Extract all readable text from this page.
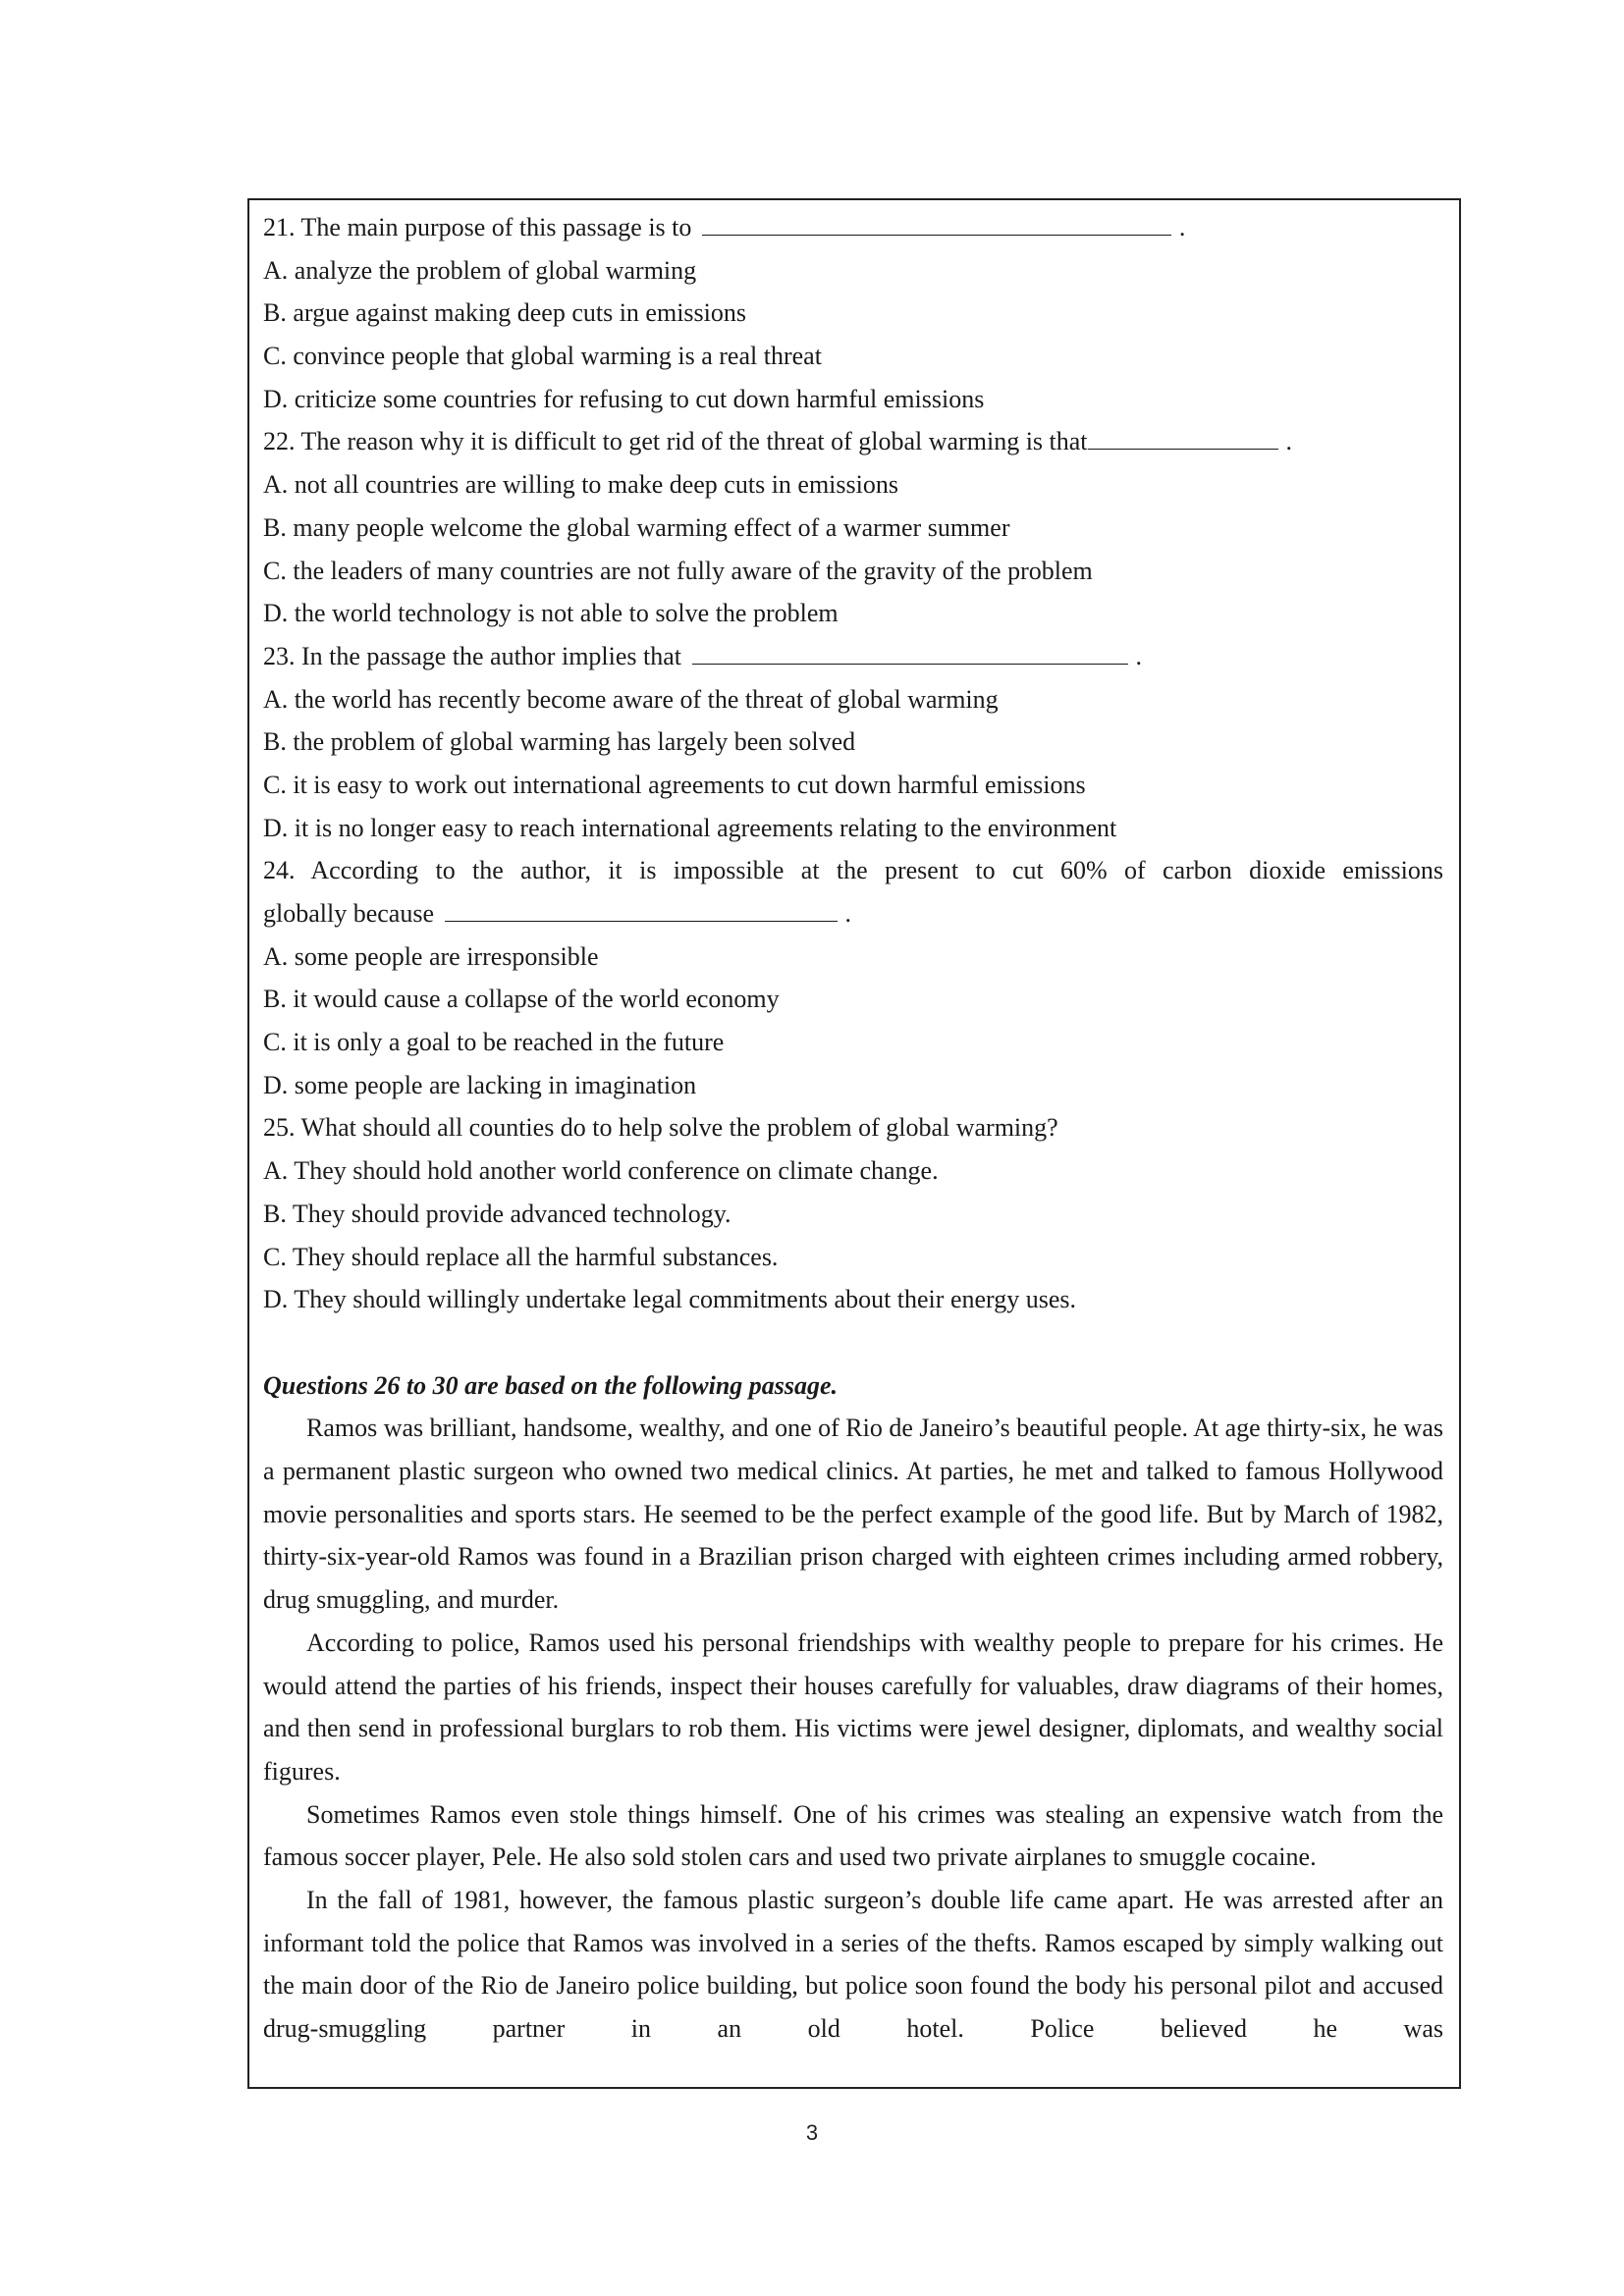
21. The main purpose of this passage is to	.
A. analyze the problem of global warming
B. argue against making deep cuts in emissions
C. convince people that global warming is a real threat
D. criticize some countries for refusing to cut down harmful emissions
22. The reason why it is difficult to get rid of the threat of global warming is that	.
A. not all countries are willing to make deep cuts in emissions
B. many people welcome the global warming effect of a warmer summer
C. the leaders of many countries are not fully aware of the gravity of the problem
D. the world technology is not able to solve the problem
23. In the passage the author implies that	.
A. the world has recently become aware of the threat of global warming
B. the problem of global warming has largely been solved
C. it is easy to work out international agreements to cut down harmful emissions
D. it is no longer easy to reach international agreements relating to the environment
24. According to the author, it is impossible at the present to cut 60% of carbon dioxide emissions
globally because	.
A. some people are irresponsible
B. it would cause a collapse of the world economy
C. it is only a goal to be reached in the future
D. some people are lacking in imagination
25. What should all counties do to help solve the problem of global warming?
A. They should hold another world conference on climate change.
B. They should provide advanced technology.
C. They should replace all the harmful substances.
D. They should willingly undertake legal commitments about their energy uses.
Questions 26 to 30 are based on the following passage.

Ramos was brilliant, handsome, wealthy, and one of Rio de Janeiro’s beautiful people. At age thirty-six, he was a permanent plastic surgeon who owned two medical clinics. At parties, he met and talked to famous Hollywood movie personalities and sports stars. He seemed to be the perfect example of the good life. But by March of 1982, thirty-six-year-old Ramos was found in a Brazilian prison charged with eighteen crimes including armed robbery, drug smuggling, and murder.

According to police, Ramos used his personal friendships with wealthy people to prepare for his crimes. He would attend the parties of his friends, inspect their houses carefully for valuables, draw diagrams of their homes, and then send in professional burglars to rob them. His victims were jewel designer, diplomats, and wealthy social figures.

Sometimes Ramos even stole things himself. One of his crimes was stealing an expensive watch from the famous soccer player, Pele. He also sold stolen cars and used two private airplanes to smuggle cocaine.

In the fall of 1981, however, the famous plastic surgeon’s double life came apart. He was arrested after an informant told the police that Ramos was involved in a series of the thefts. Ramos escaped by simply walking out the main door of the Rio de Janeiro police building, but police soon found the body his personal pilot and accused drug-smuggling partner in an old hotel. Police believed he was

3
